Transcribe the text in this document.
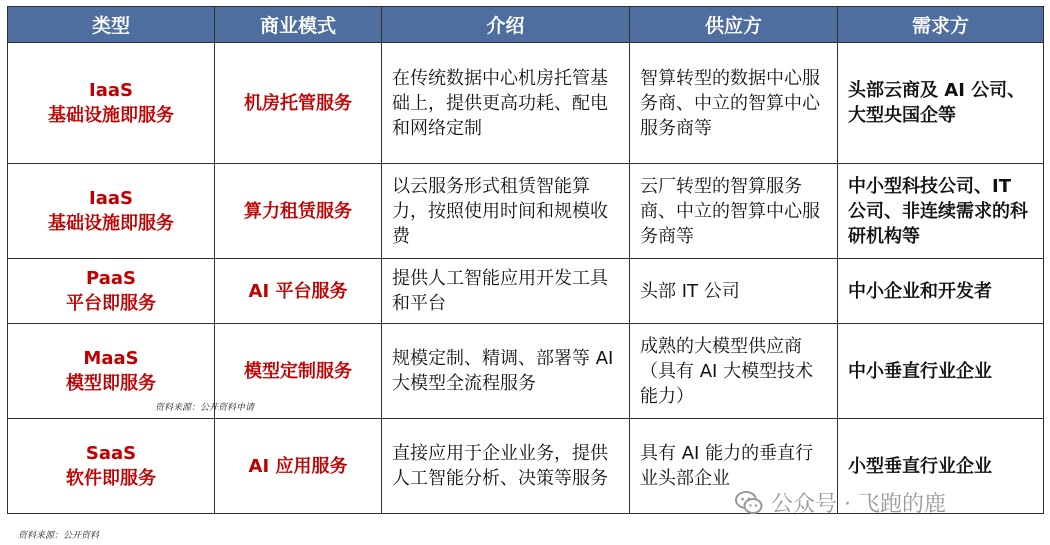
类型	商业模式	介绍	供应方	需求方

IaaS
基础设施即服务	机房托管服务	在传统数据中心机房托管基础上，提供更高功耗、配电和网络定制	智算转型的数据中心服务商、中立的智算中心服务商等	头部云商及 AI 公司、大型央国企等

IaaS
基础设施即服务	算力租赁服务	以云服务形式租赁智能算力，按照使用时间和规模收费	云厂转型的智算服务商、中立的智算中心服务商等	中小型科技公司、IT 公司、非连续需求的科研机构等

PaaS
平台即服务	AI 平台服务	提供人工智能应用开发工具和平台	头部 IT 公司	中小企业和开发者

MaaS
模型即服务	模型定制服务	规模定制、精调、部署等 AI 大模型全流程服务	成熟的大模型供应商（具有 AI 大模型技术能力）	中小垂直行业企业

SaaS
软件即服务	AI 应用服务	直接应用于企业业务，提供人工智能分析、决策等服务	具有 AI 能力的垂直行业头部企业	小型垂直行业企业
资料来源：公开资料申请
资料来源：公开资料
公众号 · 飞跑的鹿
